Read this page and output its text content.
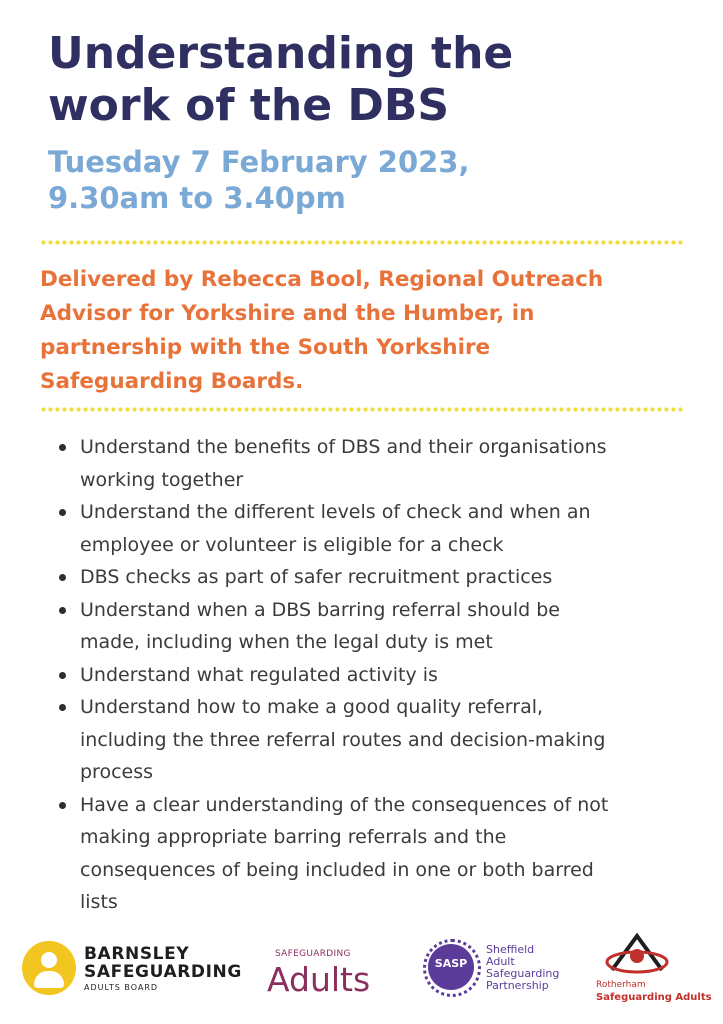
Understanding the
work of the DBS

Tuesday 7 February 2023,
9.30am to 3.40pm

Delivered by Rebecca Bool, Regional Outreach
Advisor for Yorkshire and the Humber, in
partnership with the South Yorkshire
Safeguarding Boards.

Understand the benefits of DBS and their organisations
working together
Understand the different levels of check and when an
employee or volunteer is eligible for a check
DBS checks as part of safer recruitment practices
Understand when a DBS barring referral should be
made, including when the legal duty is met
Understand what regulated activity is
Understand how to make a good quality referral,
including the three referral routes and decision-making
process
Have a clear understanding of the consequences of not
making appropriate barring referrals and the
consequences of being included in one or both barred
lists
BARNSLEY
SAFEGUARDING
ADULTS BOARD
SAFEGUARDING
Adults	SASP
Sheffield
Adult
Safeguarding
Partnership	Rotherham
Safeguarding Adults
